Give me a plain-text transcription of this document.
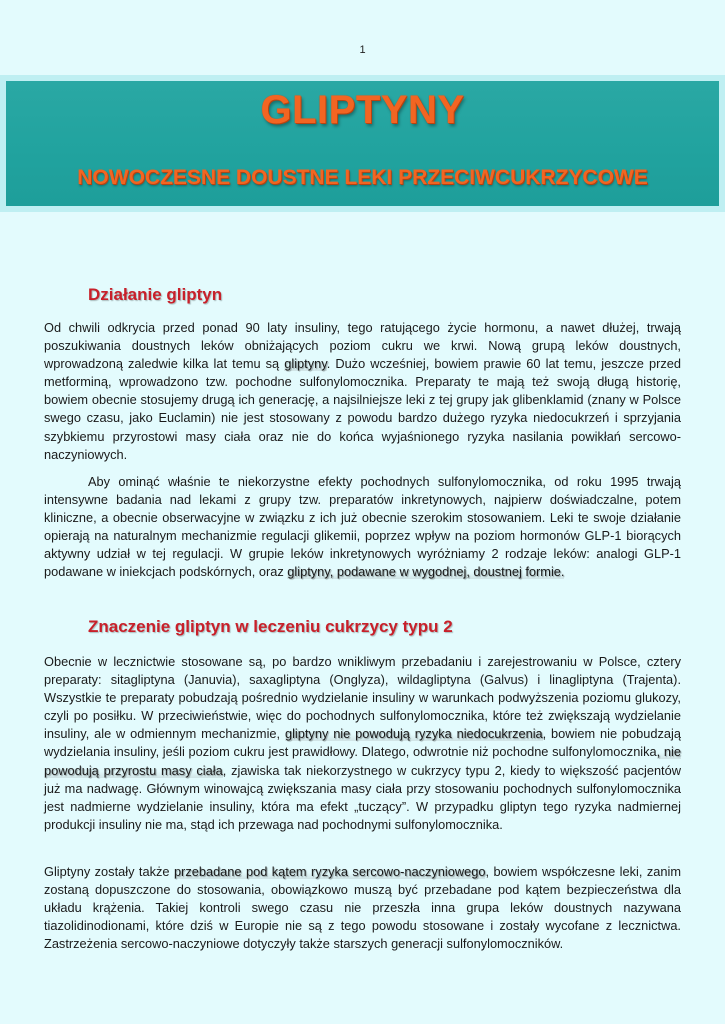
1
GLIPTYNY
NOWOCZESNE DOUSTNE LEKI PRZECIWCUKRZYCOWE
Działanie gliptyn

Od chwili odkrycia przed ponad 90 laty insuliny, tego ratującego życie hormonu, a nawet dłużej, trwają poszukiwania doustnych leków obniżających poziom cukru we krwi. Nową grupą leków doustnych, wprowadzoną zaledwie kilka lat temu są gliptyny. Dużo wcześniej, bowiem prawie 60 lat temu, jeszcze przed metforminą, wprowadzono tzw. pochodne sulfonylomocznika. Preparaty te mają też swoją długą historię, bowiem obecnie stosujemy drugą ich generację, a najsilniejsze leki z tej grupy jak glibenklamid (znany w Polsce swego czasu, jako Euclamin) nie jest stosowany z powodu bardzo dużego ryzyka niedocukrzeń i sprzyjania szybkiemu przyrostowi masy ciała oraz nie do końca wyjaśnionego ryzyka nasilania powikłań sercowo-naczyniowych.

Aby ominąć właśnie te niekorzystne efekty pochodnych sulfonylomocznika, od roku 1995 trwają intensywne badania nad lekami z grupy tzw. preparatów inkretynowych, najpierw doświadczalne, potem kliniczne, a obecnie obserwacyjne w związku z ich już obecnie szerokim stosowaniem. Leki te swoje działanie opierają na naturalnym mechanizmie regulacji glikemii, poprzez wpływ na poziom hormonów GLP-1 biorących aktywny udział w tej regulacji. W grupie leków inkretynowych wyróżniamy 2 rodzaje leków: analogi GLP-1 podawane w iniekcjach podskórnych, oraz gliptyny, podawane w wygodnej, doustnej formie.

Znaczenie gliptyn w leczeniu cukrzycy typu 2

Obecnie w lecznictwie stosowane są, po bardzo wnikliwym przebadaniu i zarejestrowaniu w Polsce, cztery preparaty: sitagliptyna (Januvia), saxagliptyna (Onglyza), wildagliptyna (Galvus) i linagliptyna (Trajenta). Wszystkie te preparaty pobudzają pośrednio wydzielanie insuliny w warunkach podwyższenia poziomu glukozy, czyli po posiłku. W przeciwieństwie, więc do pochodnych sulfonylomocznika, które też zwiększają wydzielanie insuliny, ale w odmiennym mechanizmie, gliptyny nie powodują ryzyka niedocukrzenia, bowiem nie pobudzają wydzielania insuliny, jeśli poziom cukru jest prawidłowy. Dlatego, odwrotnie niż pochodne sulfonylomocznika, nie powodują przyrostu masy ciała, zjawiska tak niekorzystnego w cukrzycy typu 2, kiedy to większość pacjentów już ma nadwagę. Głównym winowajcą zwiększania masy ciała przy stosowaniu pochodnych sulfonylomocznika jest nadmierne wydzielanie insuliny, która ma efekt „tuczący”. W przypadku gliptyn tego ryzyka nadmiernej produkcji insuliny nie ma, stąd ich przewaga nad pochodnymi sulfonylomocznika.

Gliptyny zostały także przebadane pod kątem ryzyka sercowo-naczyniowego, bowiem współczesne leki, zanim zostaną dopuszczone do stosowania, obowiązkowo muszą być przebadane pod kątem bezpieczeństwa dla układu krążenia. Takiej kontroli swego czasu nie przeszła inna grupa leków doustnych nazywana tiazolidinodionami, które dziś w Europie nie są z tego powodu stosowane i zostały wycofane z lecznictwa. Zastrzeżenia sercowo-naczyniowe dotyczyły także starszych generacji sulfonylomoczników.
